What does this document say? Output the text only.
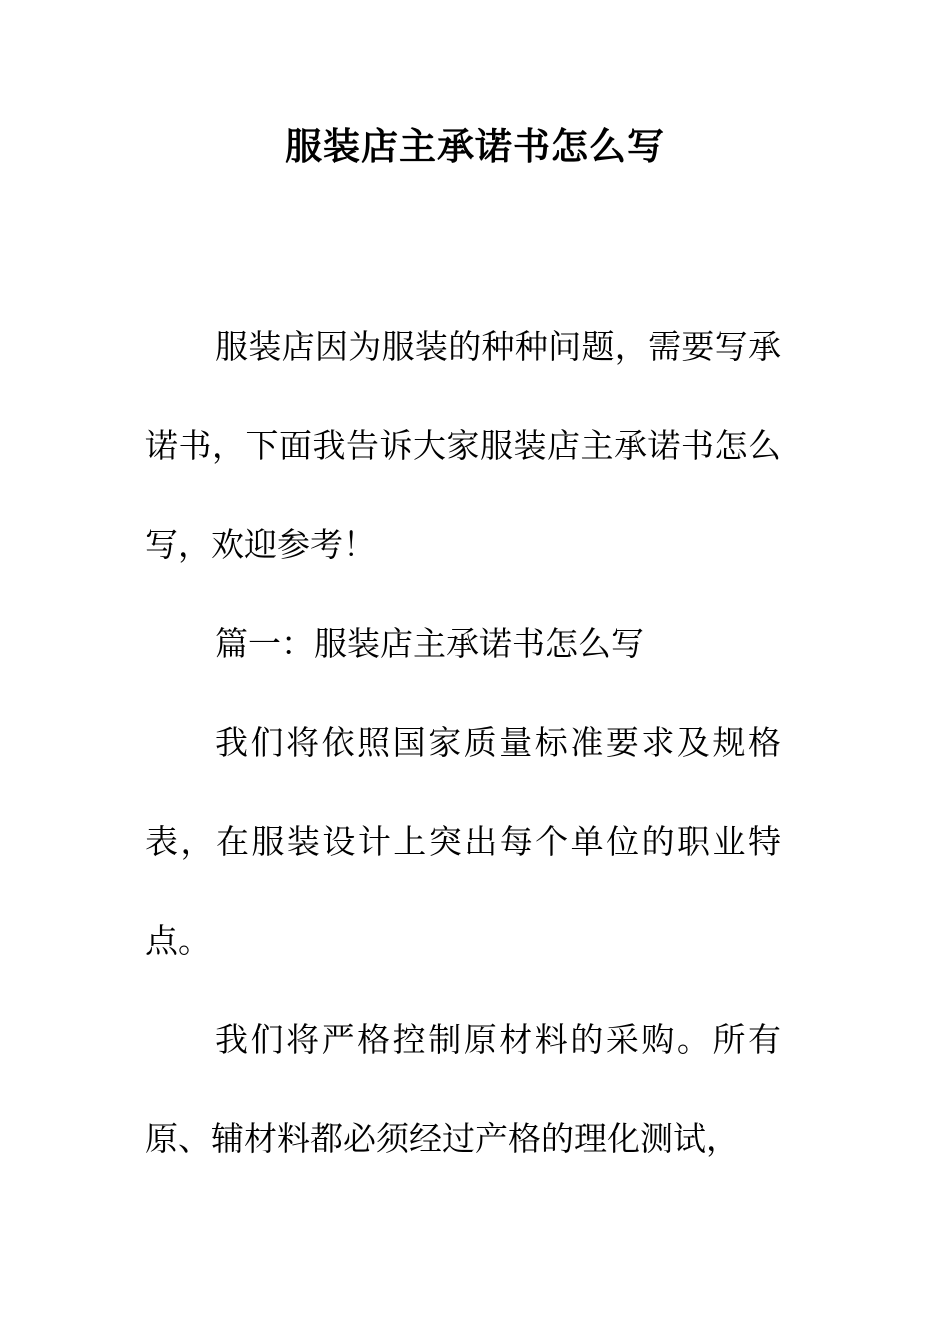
服装店主承诺书怎么写

服装店因为服装的种种问题，需要写承诺书，下面我告诉大家服装店主承诺书怎么写，欢迎参考！

篇一：服装店主承诺书怎么写

我们将依照国家质量标准要求及规格表，在服装设计上突出每个单位的职业特点。

我们将严格控制原材料的采购。所有原、辅材料都必须经过产格的理化测试，
